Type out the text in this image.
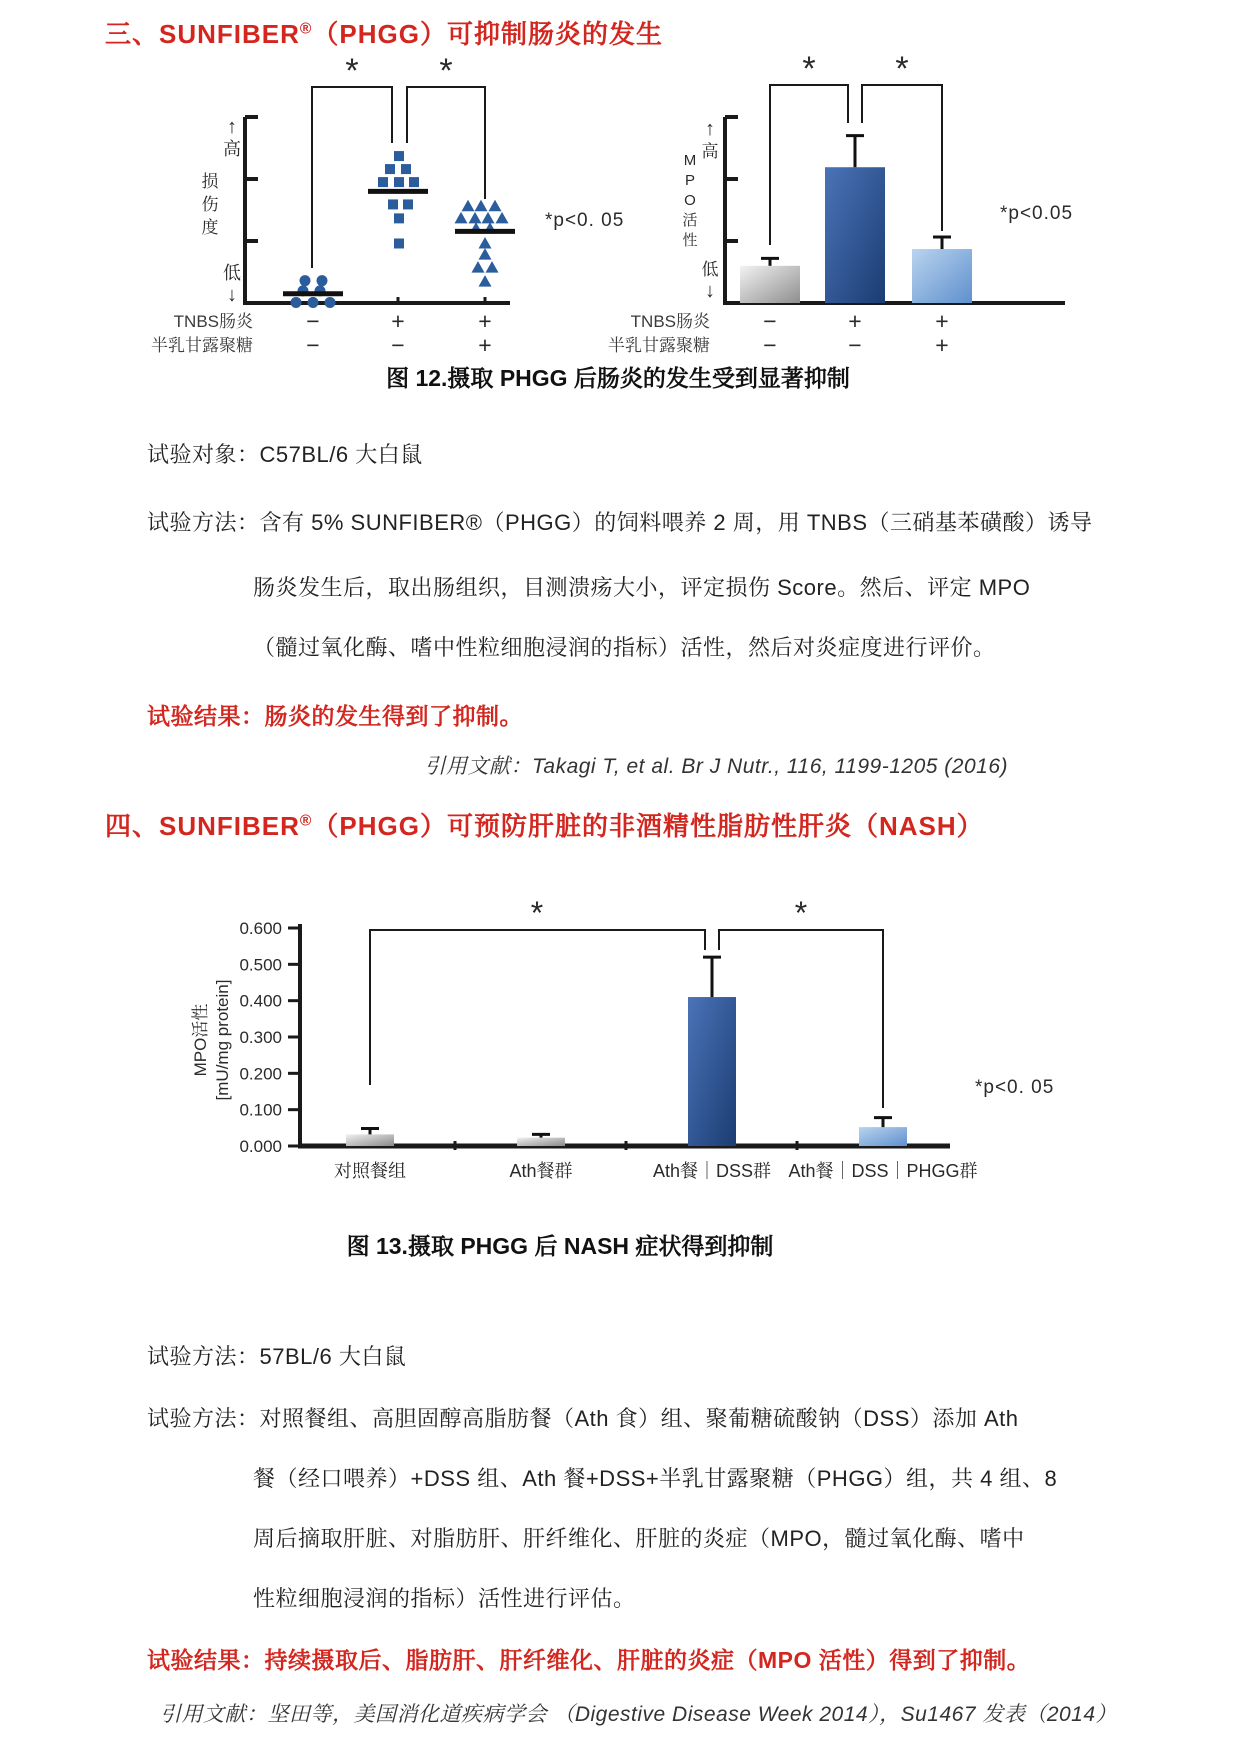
三、SUNFIBER®（PHGG）可抑制肠炎的发生
↑
高
损
伤
度
低
↓
* *
TNBS肠炎 −	+	+
半乳甘露聚糖 −	−	+
M
P
O
活
性
↑
高
低
↓
* *
TNBS肠炎 −	+	+
半乳甘露聚糖 −	−	+
*p<0. 05	*p<0.05
图 12.摄取 PHGG 后肠炎的发生受到显著抑制
试验对象：C57BL/6 大白鼠
试验方法：含有 5% SUNFIBER®（PHGG）的饲料喂养 2 周，用 TNBS（三硝基苯磺酸）诱导
肠炎发生后，取出肠组织，目测溃疡大小，评定损伤 Score。然后、评定 MPO
（髓过氧化酶、嗜中性粒细胞浸润的指标）活性，然后对炎症度进行评价。
试验结果：肠炎的发生得到了抑制。
引用文献：Takagi T, et al. Br J Nutr., 116, 1199-1205 (2016)
四、SUNFIBER®（PHGG）可预防肝脏的非酒精性脂肪性肝炎（NASH）
0.000
0.100
0.200
0.300
0.400
0.500
0.600
MPO活性 [mU/mg protein]
对照餐组	Ath餐群	Ath餐｜DSS群 Ath餐｜DSS｜PHGG群
*	*
*p<0. 05
图 13.摄取 PHGG 后 NASH 症状得到抑制
试验方法：57BL/6 大白鼠
试验方法：对照餐组、高胆固醇高脂肪餐（Ath 食）组、聚葡糖硫酸钠（DSS）添加 Ath
餐（经口喂养）+DSS 组、Ath 餐+DSS+半乳甘露聚糖（PHGG）组，共 4 组、8
周后摘取肝脏、对脂肪肝、肝纤维化、肝脏的炎症（MPO，髓过氧化酶、嗜中
性粒细胞浸润的指标）活性进行评估。
试验结果：持续摄取后、脂肪肝、肝纤维化、肝脏的炎症（MPO 活性）得到了抑制。
引用文献：坚田等，美国消化道疾病学会 （Digestive Disease Week 2014），Su1467 发表（2014）
